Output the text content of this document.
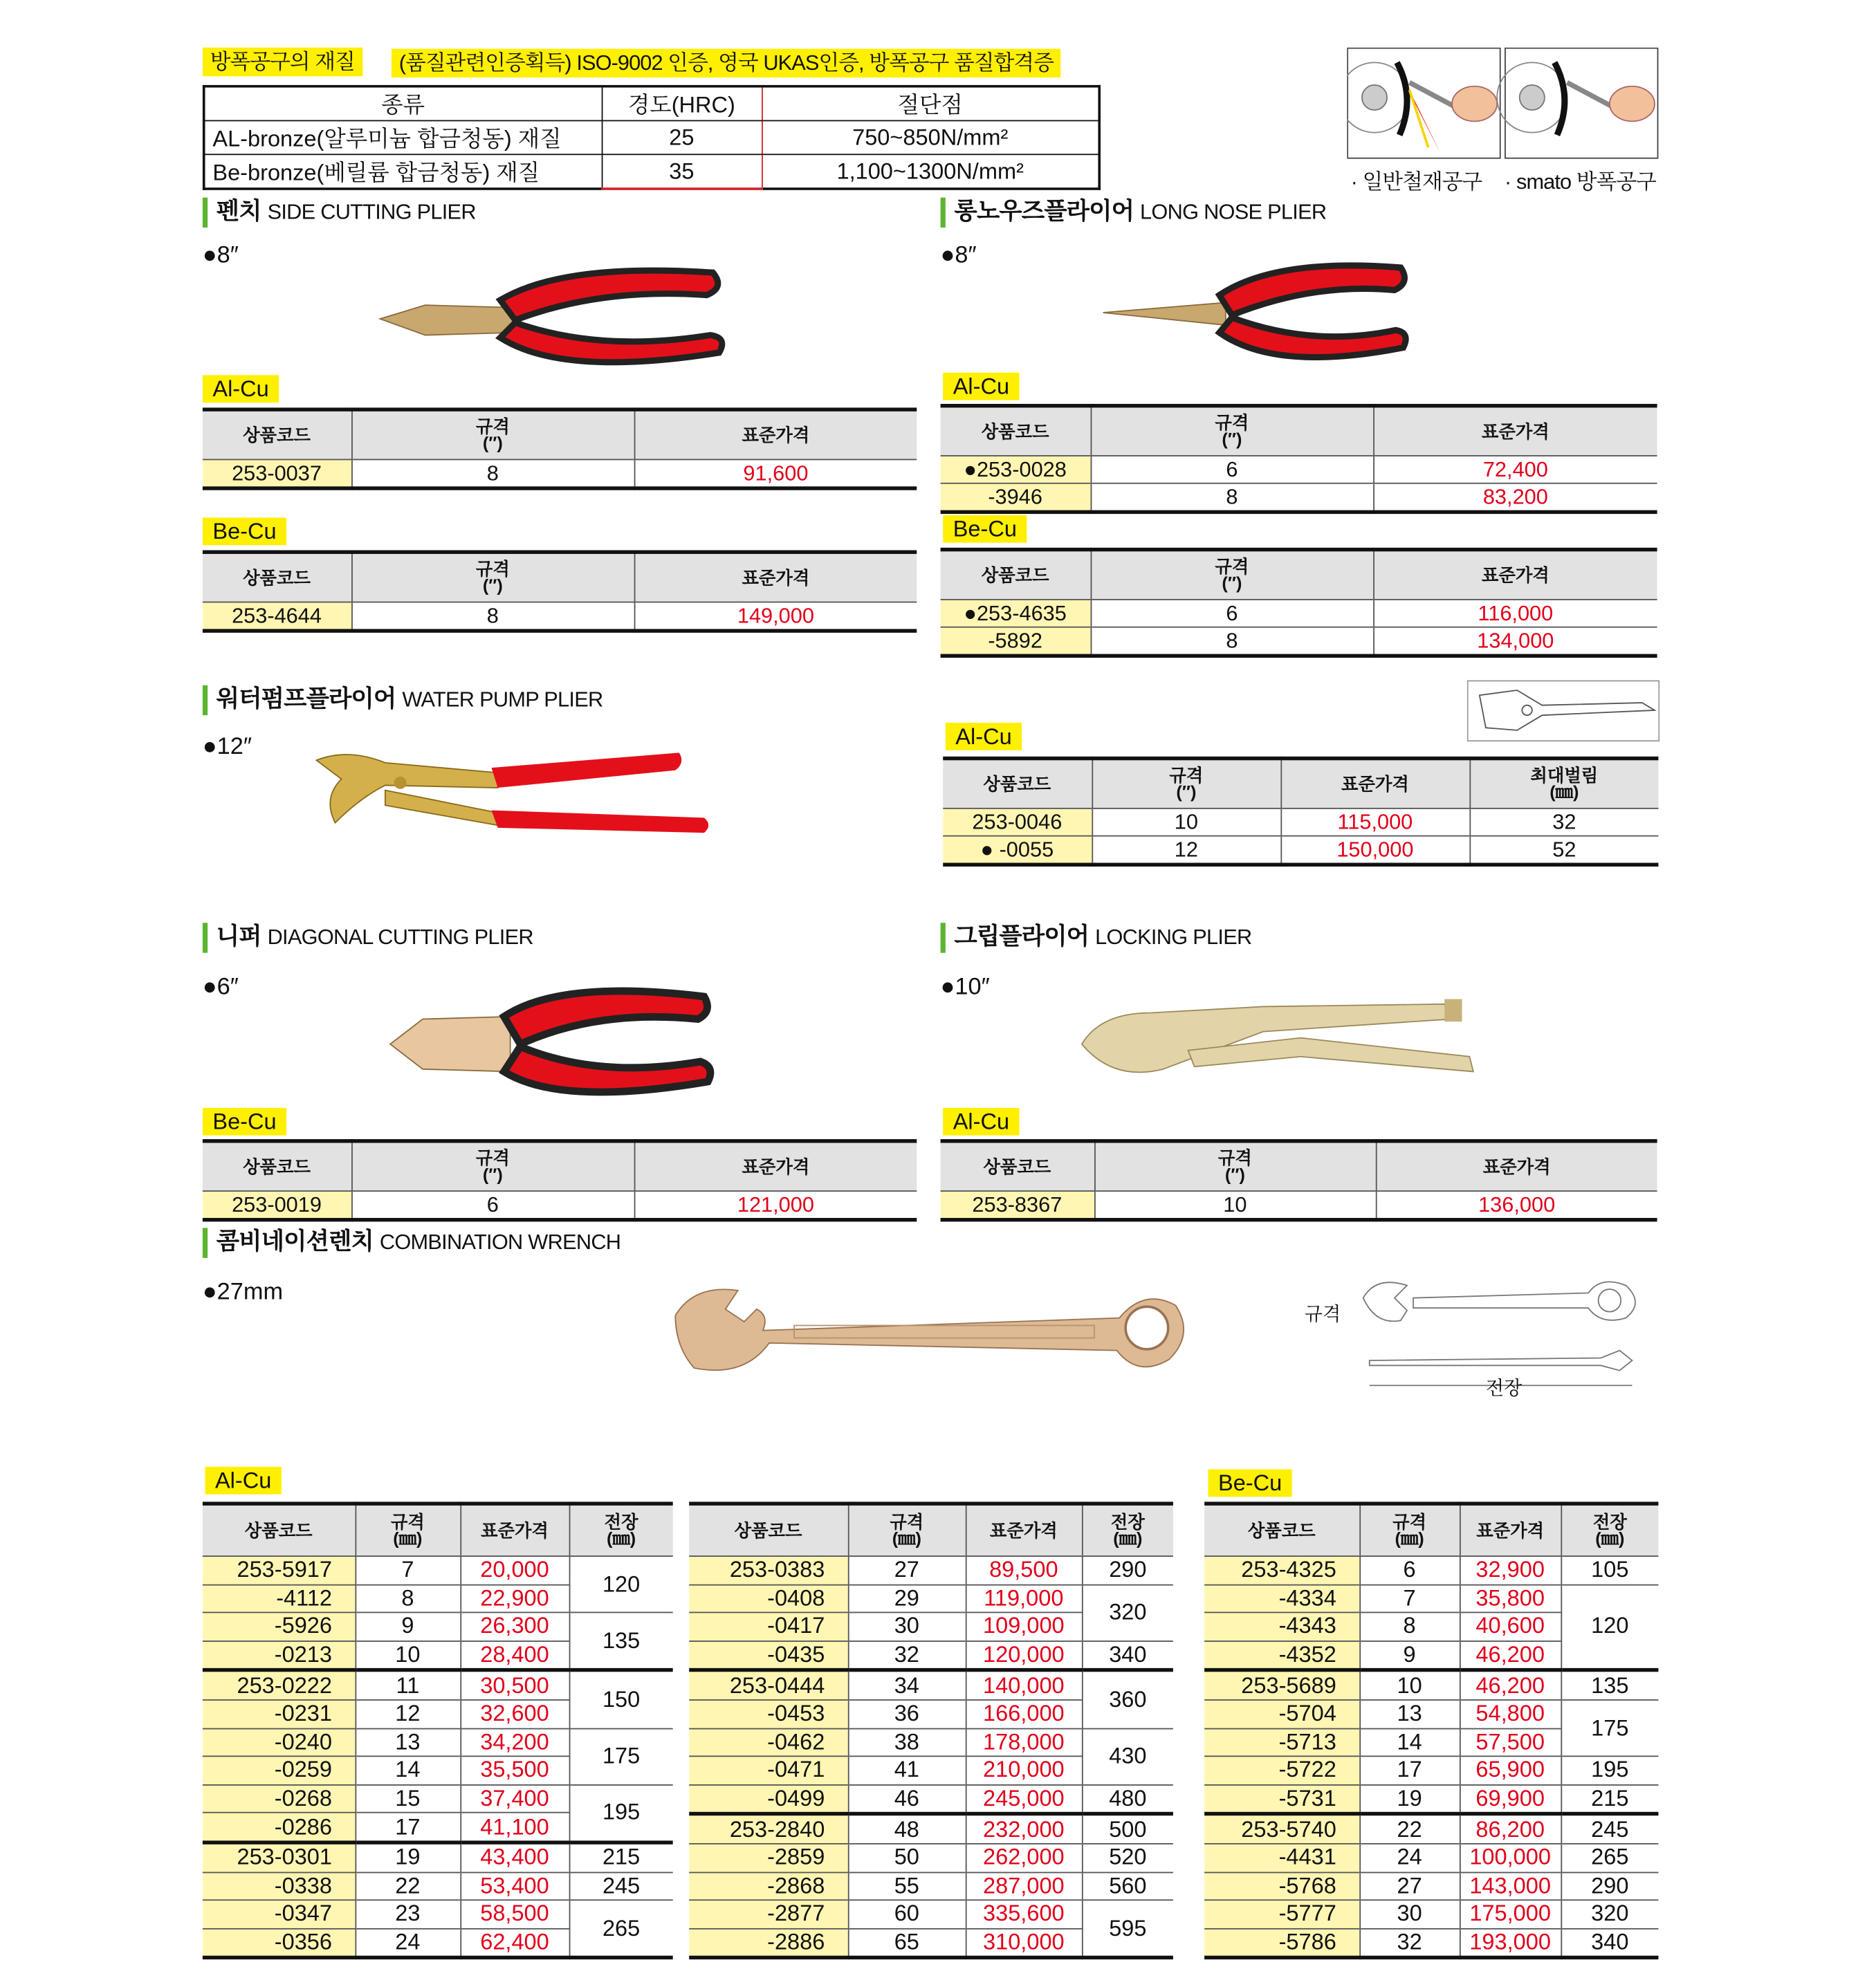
방폭공구의 재질	(품질관련인증획득) ISO-9002 인증, 영국 UKAS인증, 방폭공구 품질합격증
종류	경도(HRC)	절단점
AL-bronze(알루미늄 합금청동) 재질	25	750~850N/mm²
Be-bronze(베릴륨 합금청동) 재질	35	1,100~1300N/mm²	· 일반철재공구 · smato 방폭공구
펜치 SIDE CUTTING PLIER
●8″
Al-Cu
상품코드	규격
(″)	표준가격
253-0037	8	91,600
Be-Cu
상품코드	규격
(″)	표준가격
253-4644	8	149,000
롱노우즈플라이어 LONG NOSE PLIER
●8″
Al-Cu
상품코드	규격
(″)	표준가격
●253-0028	6	72,400
-3946	8	83,200
Be-Cu
상품코드	규격
(″)	표준가격
●253-4635	6	116,000
-5892	8	134,000
워터펌프플라이어 WATER PUMP PLIER
●12″	Al-Cu
상품코드	규격
(″)	표준가격	최대벌림
(㎜)
253-0046	10	115,000	32
● -0055	12	150,000	52
니퍼 DIAGONAL CUTTING PLIER
●6″
Be-Cu
상품코드	규격
(″)	표준가격
253-0019	6	121,000
그립플라이어 LOCKING PLIER
●10″
Al-Cu
상품코드	규격
(″)	표준가격
253-8367	10	136,000
콤비네이션렌치 COMBINATION WRENCH
●27mm
규격
전장
Al-Cu	Be-Cu
상품코드	규격
(㎜)	표준가격	전장
(㎜)
253-5917	7	20,000	120
-4112	8	22,900	
-5926	9	26,300	135
-0213	10	28,400	
253-0222	11	30,500	150
-0231	12	32,600	
-0240	13	34,200	175
-0259	14	35,500	
-0268	15	37,400	195
-0286	17	41,100	
253-0301	19	43,400	215
-0338	22	53,400	245
-0347	23	58,500	265
-0356	24	62,400	
상품코드	규격
(㎜)	표준가격	전장
(㎜)
253-0383	27	89,500	290
-0408	29	119,000	320
-0417	30	109,000	
-0435	32	120,000	340
253-0444	34	140,000	360
-0453	36	166,000	
-0462	38	178,000	430
-0471	41	210,000	
-0499	46	245,000	480
253-2840	48	232,000	500
-2859	50	262,000	520
-2868	55	287,000	560
-2877	60	335,600	595
-2886	65	310,000	
상품코드	규격
(㎜)	표준가격	전장
(㎜)
253-4325	6	32,900	105
-4334	7	35,800	120
-4343	8	40,600	
-4352	9	46,200	
253-5689	10	46,200	135
-5704	13	54,800	175
-5713	14	57,500	
-5722	17	65,900	195
-5731	19	69,900	215
253-5740	22	86,200	245
-4431	24	100,000	265
-5768	27	143,000	290
-5777	30	175,000	320
-5786	32	193,000	340
